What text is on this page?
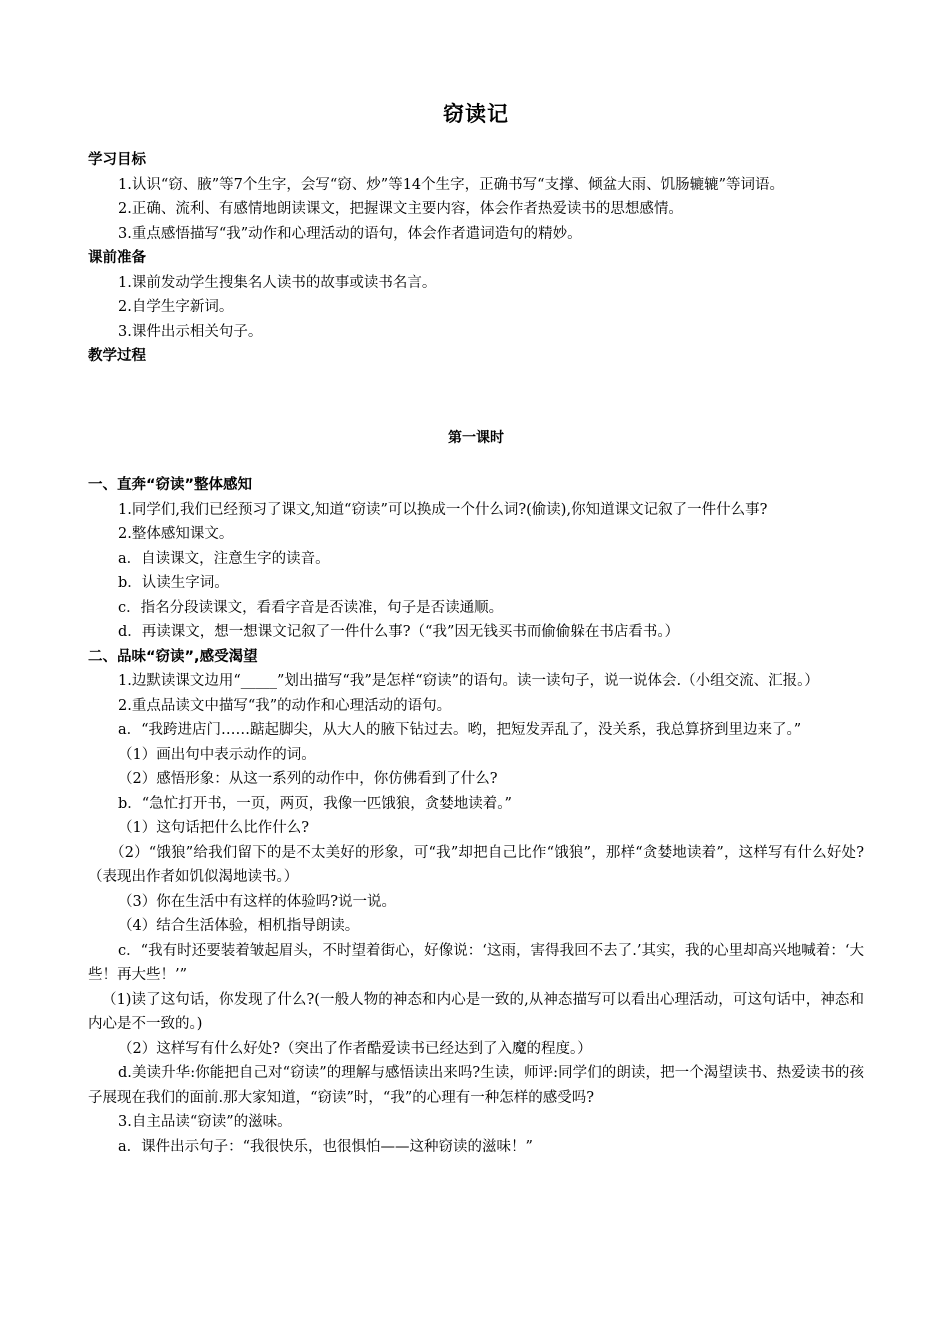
窃读记
学习目标

1.认识“窃、腋”等7个生字，会写“窃、炒”等14个生字，正确书写“支撑、倾盆大雨、饥肠辘辘”等词语。

2.正确、流利、有感情地朗读课文，把握课文主要内容，体会作者热爱读书的思想感情。

3.重点感悟描写“我”动作和心理活动的语句，体会作者遣词造句的精妙。

课前准备

1.课前发动学生搜集名人读书的故事或读书名言。

2.自学生字新词。

3.课件出示相关句子。

教学过程
第一课时
一、直奔“窃读”整体感知

1.同学们,我们已经预习了课文,知道“窃读”可以换成一个什么词?(偷读),你知道课文记叙了一件什么事?

2.整体感知课文。

a．自读课文，注意生字的读音。

b．认读生字词。

c．指名分段读课文，看看字音是否读准，句子是否读通顺。

d．再读课文，想一想课文记叙了一件什么事?（“我”因无钱买书而偷偷躲在书店看书。）

二、品味“窃读”,感受渴望

1.边默读课文边用“_____”划出描写“我”是怎样“窃读”的语句。读一读句子，说一说体会.（小组交流、汇报。）

2.重点品读文中描写“我”的动作和心理活动的语句。

a．“我跨进店门……踮起脚尖，从大人的腋下钻过去。哟，把短发弄乱了，没关系，我总算挤到里边来了。”

（1）画出句中表示动作的词。

（2）感悟形象：从这一系列的动作中，你仿佛看到了什么?

b．“急忙打开书，一页，两页，我像一匹饿狼，贪婪地读着。”

（1）这句话把什么比作什么?

（2）“饿狼”给我们留下的是不太美好的形象，可“我”却把自己比作“饿狼”，那样“贪婪地读着”，这样写有什么好处?（表现出作者如饥似渴地读书。）

（3）你在生活中有这样的体验吗?说一说。

（4）结合生活体验，相机指导朗读。

c．“我有时还要装着皱起眉头，不时望着街心，好像说：‘这雨，害得我回不去了.’其实，我的心里却高兴地喊着：‘大些！再大些！’”

（1)读了这句话，你发现了什么?(一般人物的神态和内心是一致的,从神态描写可以看出心理活动，可这句话中，神态和内心是不一致的。)

（2）这样写有什么好处?（突出了作者酷爱读书已经达到了入魔的程度。）

d.美读升华:你能把自己对“窃读”的理解与感悟读出来吗?生读，师评:同学们的朗读，把一个渴望读书、热爱读书的孩子展现在我们的面前.那大家知道，“窃读”时，“我”的心理有一种怎样的感受吗?

3.自主品读“窃读”的滋味。

a．课件出示句子：“我很快乐，也很惧怕——这种窃读的滋味！”
